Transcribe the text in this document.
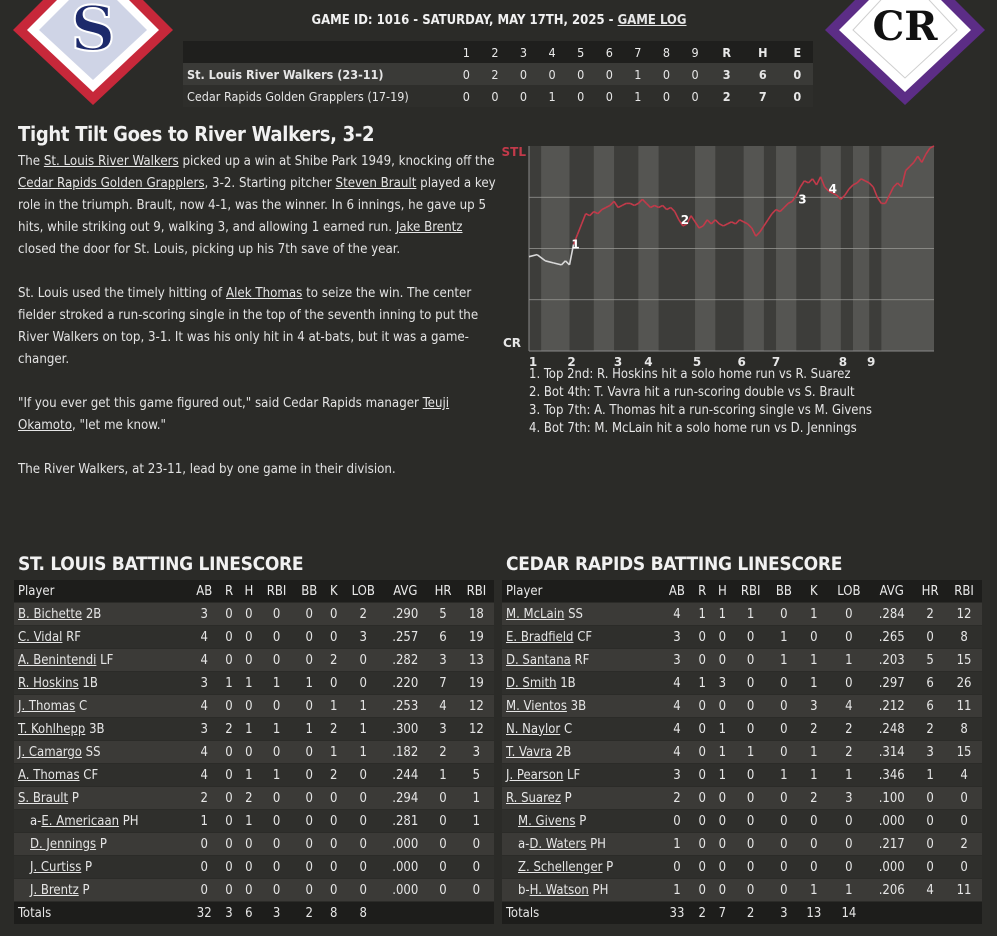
S	CR
GAME ID: 1016 - SATURDAY, MAY 17TH, 2025 - GAME LOG
	1	2	3	4	5	6	7	8	9	R	H	E
St. Louis River Walkers (23-11)	0	2	0	0	0	0	1	0	0	3	6	0
Cedar Rapids Golden Grapplers (17-19)	0	0	0	1	0	0	1	0	0	2	7	0
Tight Tilt Goes to River Walkers, 3-2

The St. Louis River Walkers picked up a win at Shibe Park 1949, knocking off the Cedar Rapids Golden Grapplers, 3-2. Starting pitcher Steven Brault played a key role in the triumph. Brault, now 4-1, was the winner. In 6 innings, he gave up 5 hits, while striking out 9, walking 3, and allowing 1 earned run. Jake Brentz closed the door for St. Louis, picking up his 7th save of the year.

St. Louis used the timely hitting of Alek Thomas to seize the win. The center fielder stroked a run-scoring single in the top of the seventh inning to put the River Walkers on top, 3-1. It was his only hit in 4 at-bats, but it was a game-changer.

"If you ever get this game figured out," said Cedar Rapids manager Teuji Okamoto, "let me know."

The River Walkers, at 23-11, lead by one game in their division.

1
2
3
4
STL
CR
1	2	3 4	5	6 7	8 9
1. Top 2nd: R. Hoskins hit a solo home run vs R. Suarez
2. Bot 4th: T. Vavra hit a run-scoring double vs S. Brault
3. Top 7th: A. Thomas hit a run-scoring single vs M. Givens
4. Bot 7th: M. McLain hit a solo home run vs D. Jennings
ST. LOUIS BATTING LINESCORE	CEDAR RAPIDS BATTING LINESCORE
Player	AB	R	H	RBI	BB	K	LOB	AVG	HR	RBI
B. Bichette 2B	3	0	0	0	0	0	2	.290	5	18
C. Vidal RF	4	0	0	0	0	0	3	.257	6	19
A. Benintendi LF	4	0	0	0	0	2	0	.282	3	13
R. Hoskins 1B	3	1	1	1	1	0	0	.220	7	19
J. Thomas C	4	0	0	0	0	1	1	.253	4	12
T. Kohlhepp 3B	3	2	1	1	1	2	1	.300	3	12
J. Camargo SS	4	0	0	0	0	1	1	.182	2	3
A. Thomas CF	4	0	1	1	0	2	0	.244	1	5
S. Brault P	2	0	2	0	0	0	0	.294	0	1
a-E. Americaan PH	1	0	1	0	0	0	0	.281	0	1
D. Jennings P	0	0	0	0	0	0	0	.000	0	0
J. Curtiss P	0	0	0	0	0	0	0	.000	0	0
J. Brentz P	0	0	0	0	0	0	0	.000	0	0
Totals	32	3	6	3	2	8	8			
Player	AB	R	H	RBI	BB	K	LOB	AVG	HR	RBI
M. McLain SS	4	1	1	1	0	1	0	.284	2	12
E. Bradfield CF	3	0	0	0	1	0	0	.265	0	8
D. Santana RF	3	0	0	0	1	1	1	.203	5	15
D. Smith 1B	4	1	3	0	0	1	0	.297	6	26
M. Vientos 3B	4	0	0	0	0	3	4	.212	6	11
N. Naylor C	4	0	1	0	0	2	2	.248	2	8
T. Vavra 2B	4	0	1	1	0	1	2	.314	3	15
J. Pearson LF	3	0	1	0	1	1	1	.346	1	4
R. Suarez P	2	0	0	0	0	2	3	.100	0	0
M. Givens P	0	0	0	0	0	0	0	.000	0	0
a-D. Waters PH	1	0	0	0	0	0	0	.217	0	2
Z. Schellenger P	0	0	0	0	0	0	0	.000	0	0
b-H. Watson PH	1	0	0	0	0	1	1	.206	4	11
Totals	33	2	7	2	3	13	14			
